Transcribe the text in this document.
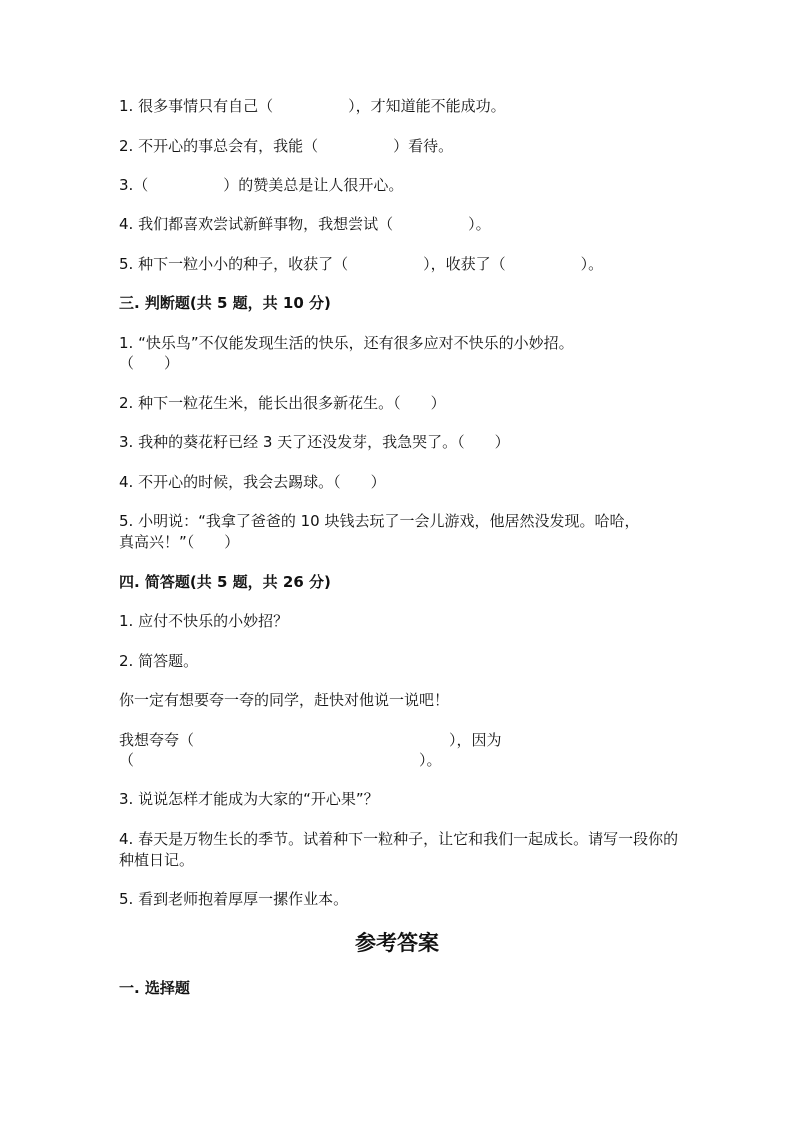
1. 很多事情只有自己（　　　　　），才知道能不能成功。
2. 不开心的事总会有，我能（　　　　　）看待。
3.（　　　　　）的赞美总是让人很开心。
4. 我们都喜欢尝试新鲜事物，我想尝试（　　　　　）。
5. 种下一粒小小的种子，收获了（　　　　　），收获了（　　　　　）。
三. 判断题(共 5 题，共 10 分)
1. “快乐鸟”不仅能发现生活的快乐，还有很多应对不快乐的小妙招。
（　　）
2. 种下一粒花生米，能长出很多新花生。（　　）
3. 我种的葵花籽已经 3 天了还没发芽，我急哭了。（　　）
4. 不开心的时候，我会去踢球。（　　）
5. 小明说：“我拿了爸爸的 10 块钱去玩了一会儿游戏，他居然没发现。哈哈，
真高兴！”（　　）
四. 简答题(共 5 题，共 26 分)
1. 应付不快乐的小妙招？
2. 简答题。
你一定有想要夸一夸的同学，赶快对他说一说吧！
我想夸夸（　　　　　　　　　　　　　　　　　），因为
（　　　　　　　　　　　　　　　　　　　）。
3. 说说怎样才能成为大家的“开心果”？
4. 春天是万物生长的季节。试着种下一粒种子，让它和我们一起成长。请写一段你的种植日记。
5. 看到老师抱着厚厚一摞作业本。
参考答案
一. 选择题
